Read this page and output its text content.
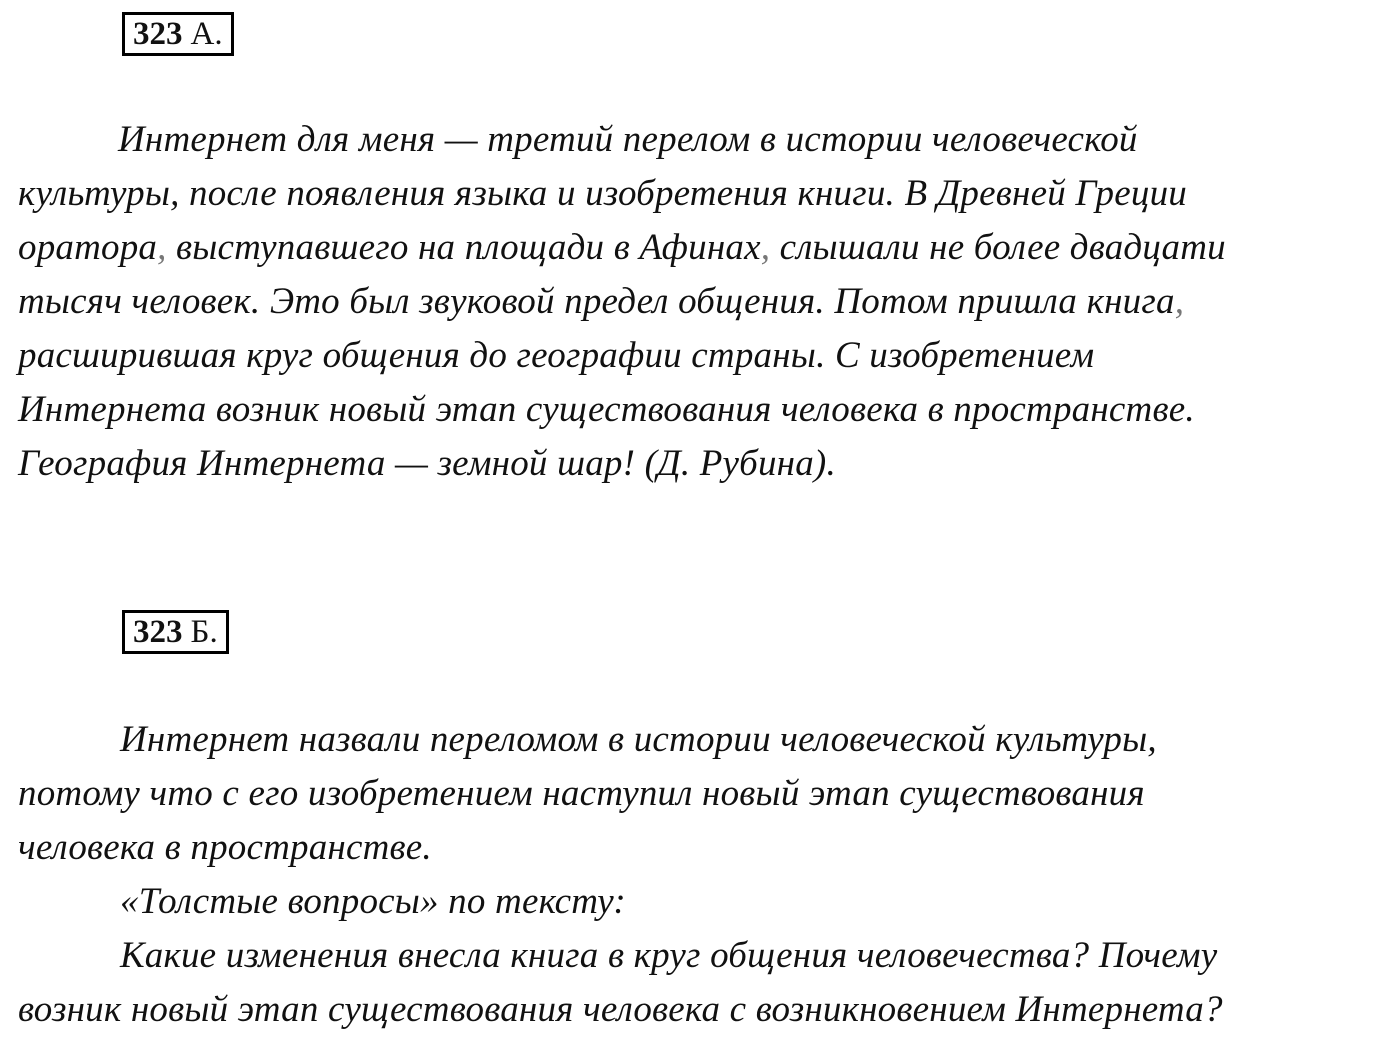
323 А.
Интернет для меня — третий перелом в истории человеческой
культуры, после появления языка и изобретения книги. В Древней Греции
оратора, выступавшего на площади в Афинах, слышали не более двадцати
тысяч человек. Это был звуковой предел общения. Потом пришла книга,
расширившая круг общения до географии страны. С изобретением
Интернета возник новый этап существования человека в пространстве.
География Интернета — земной шар! (Д. Рубина).
323 Б.
Интернет назвали переломом в истории человеческой культуры,
потому что с его изобретением наступил новый этап существования
человека в пространстве.
«Толстые вопросы» по тексту:
Какие изменения внесла книга в круг общения человечества? Почему
возник новый этап существования человека с возникновением Интернета?
